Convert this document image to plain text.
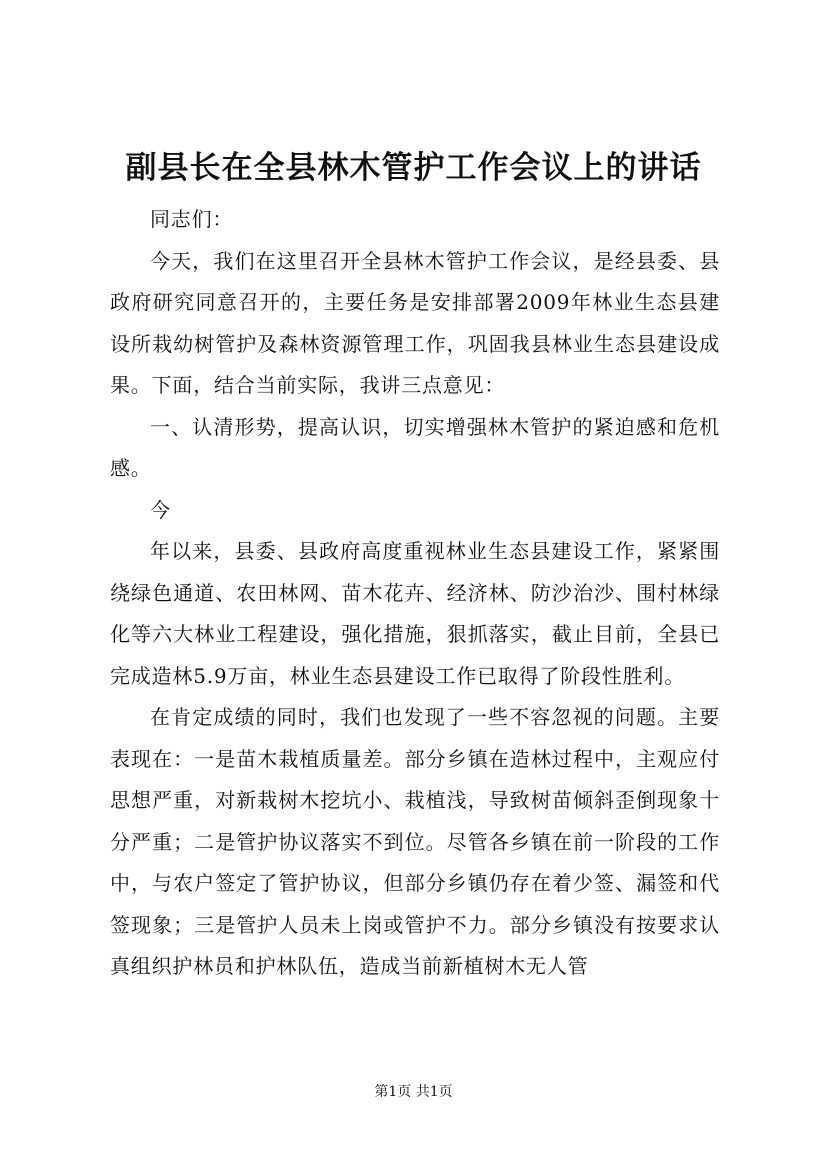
副县长在全县林木管护工作会议上的讲话

同志们：

今天，我们在这里召开全县林木管护工作会议，是经县委、县政府研究同意召开的，主要任务是安排部署2009年林业生态县建设所栽幼树管护及森林资源管理工作，巩固我县林业生态县建设成果。下面，结合当前实际，我讲三点意见：

一、认清形势，提高认识，切实增强林木管护的紧迫感和危机感。

今

年以来，县委、县政府高度重视林业生态县建设工作，紧紧围绕绿色通道、农田林网、苗木花卉、经济林、防沙治沙、围村林绿化等六大林业工程建设，强化措施，狠抓落实，截止目前，全县已完成造林5.9万亩，林业生态县建设工作已取得了阶段性胜利。

在肯定成绩的同时，我们也发现了一些不容忽视的问题。主要表现在：一是苗木栽植质量差。部分乡镇在造林过程中，主观应付思想严重，对新栽树木挖坑小、栽植浅，导致树苗倾斜歪倒现象十分严重；二是管护协议落实不到位。尽管各乡镇在前一阶段的工作中，与农户签定了管护协议，但部分乡镇仍存在着少签、漏签和代签现象；三是管护人员未上岗或管护不力。部分乡镇没有按要求认真组织护林员和护林队伍，造成当前新植树木无人管

第1页 共1页
